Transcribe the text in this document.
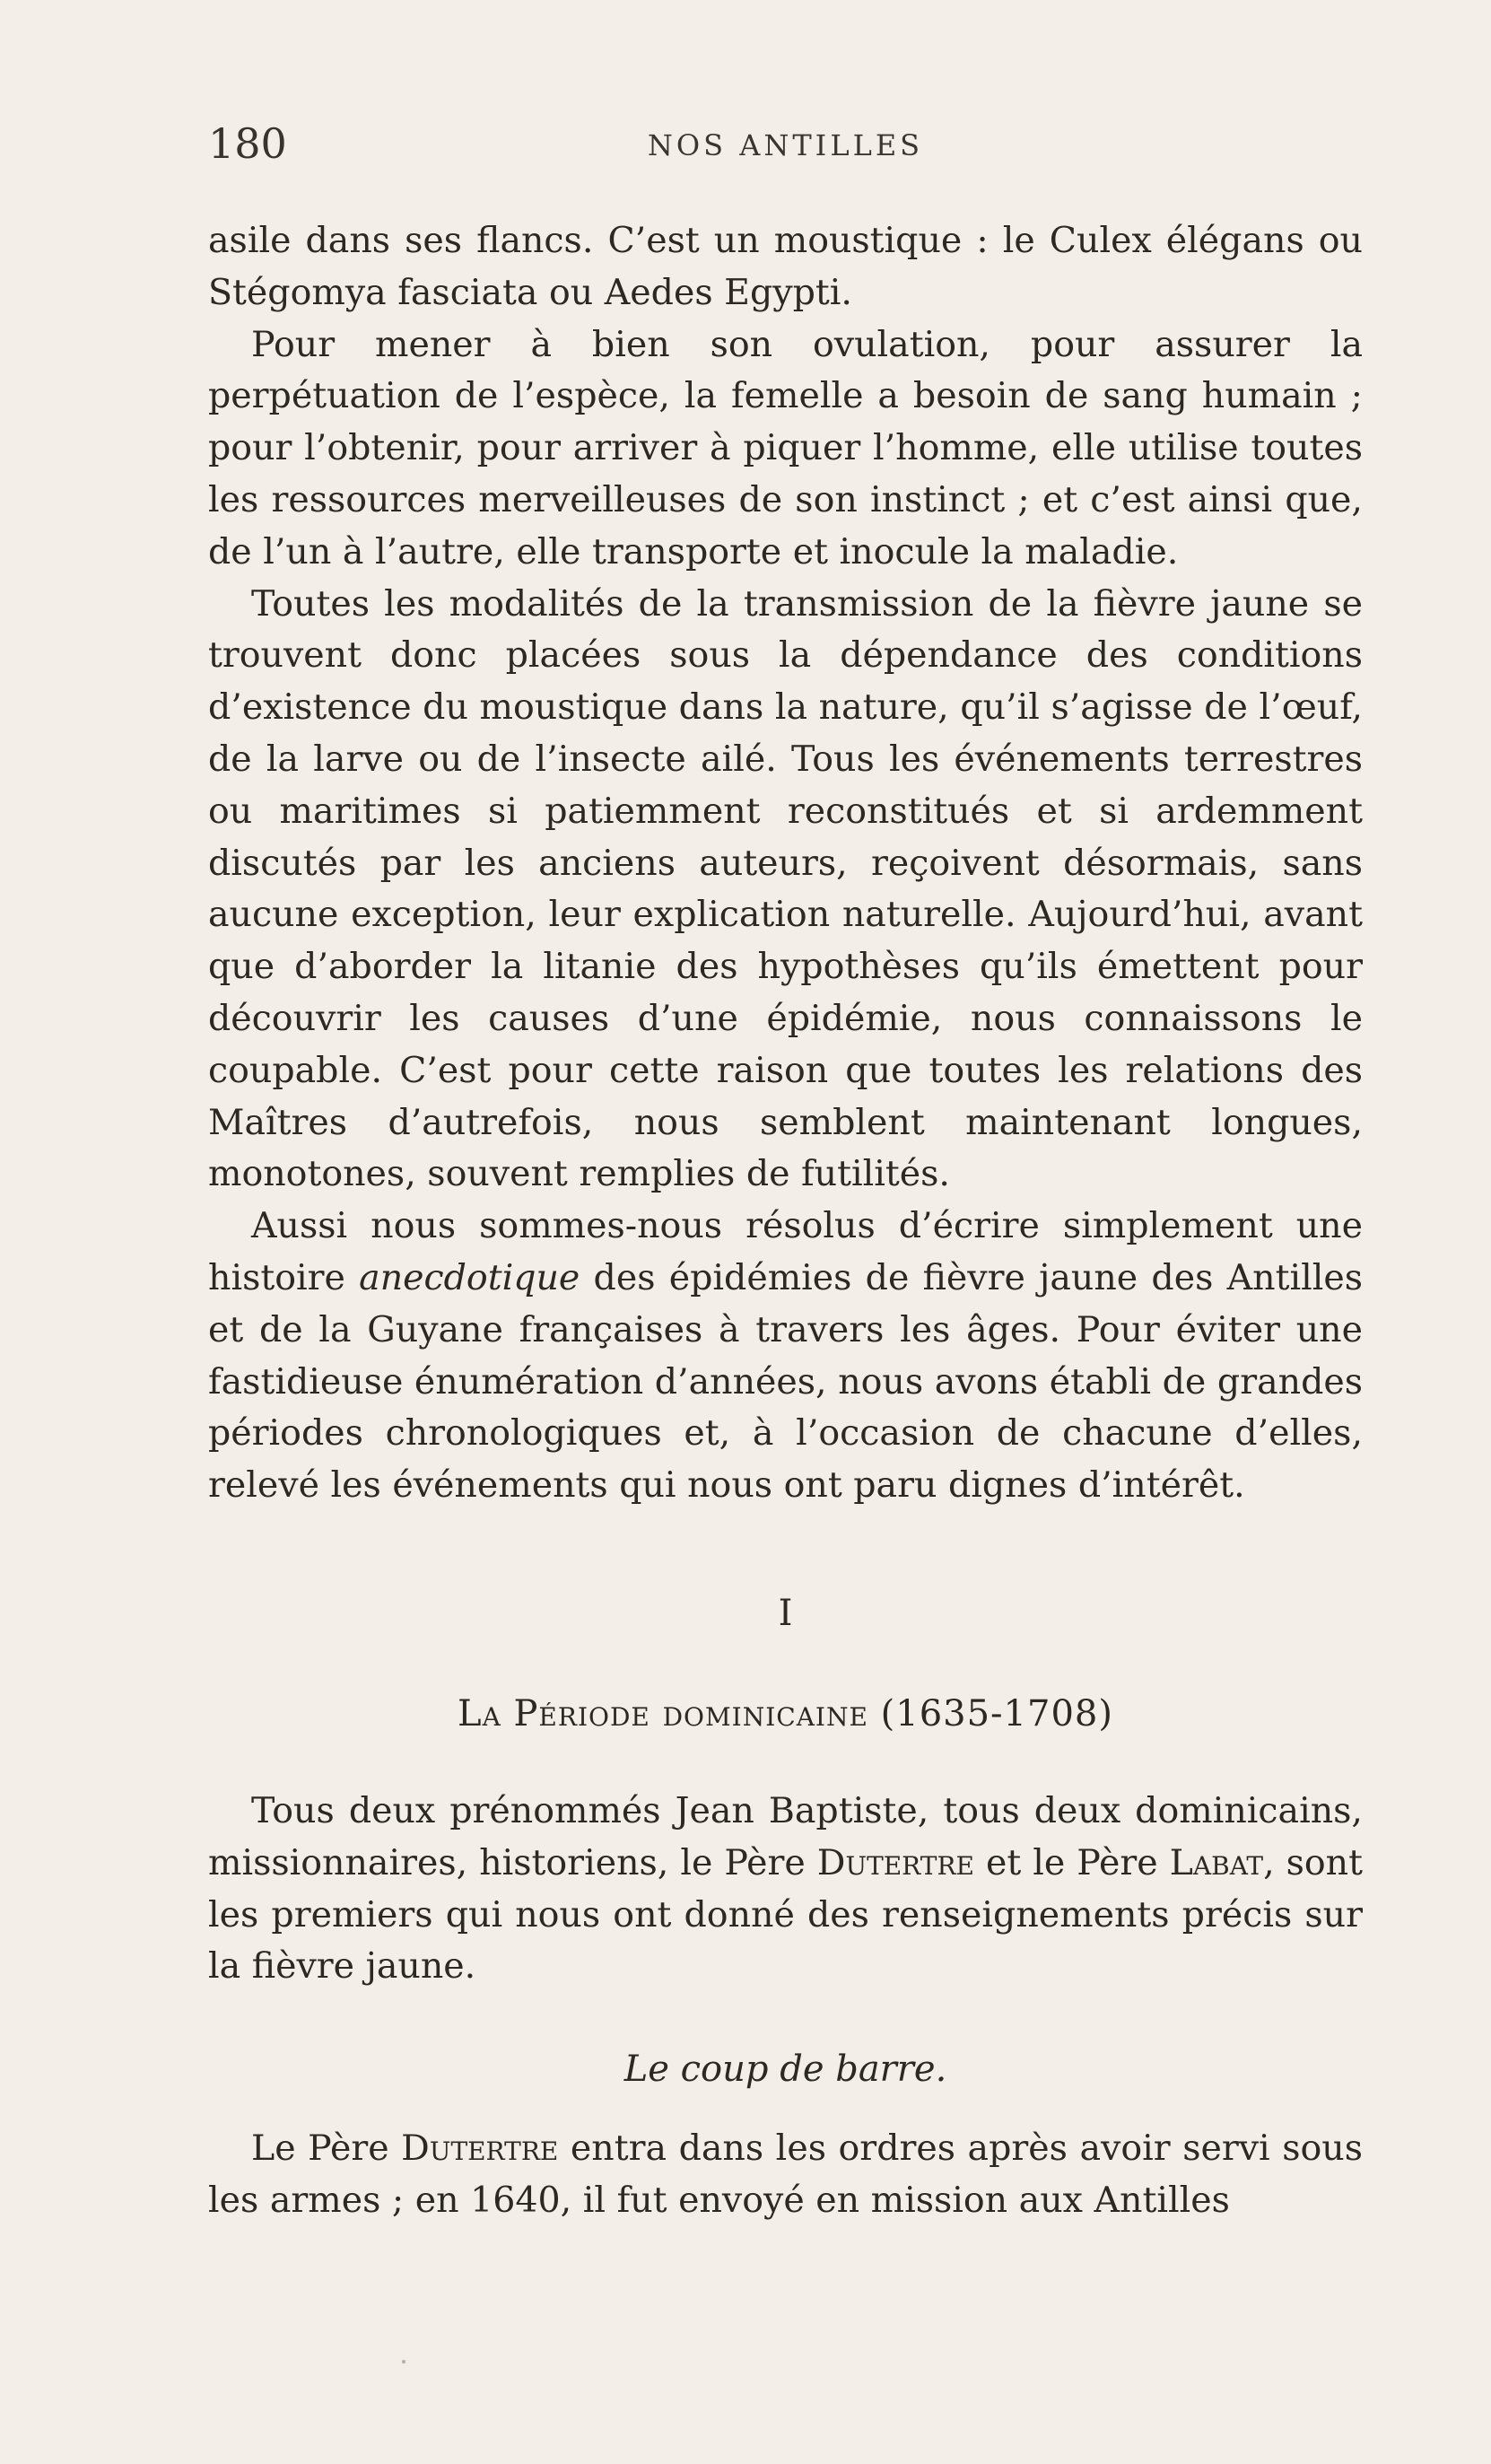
180	NOS ANTILLES

asile dans ses flancs. C’est un moustique : le Culex élégans ou Stégomya fasciata ou Aedes Egypti.

Pour mener à bien son ovulation, pour assurer la perpétuation de l’espèce, la femelle a besoin de sang humain ; pour l’obtenir, pour arriver à piquer l’homme, elle utilise toutes les ressources merveilleuses de son instinct ; et c’est ainsi que, de l’un à l’autre, elle transporte et inocule la maladie.

Toutes les modalités de la transmission de la fièvre jaune se trouvent donc placées sous la dépendance des conditions d’existence du moustique dans la nature, qu’il s’agisse de l’œuf, de la larve ou de l’insecte ailé. Tous les événements terrestres ou maritimes si patiemment reconstitués et si ardemment discutés par les anciens auteurs, reçoivent désormais, sans aucune exception, leur explication naturelle. Aujourd’hui, avant que d’aborder la litanie des hypothèses qu’ils émettent pour découvrir les causes d’une épidémie, nous connaissons le coupable. C’est pour cette raison que toutes les relations des Maîtres d’autrefois, nous semblent maintenant longues, monotones, souvent remplies de futilités.

Aussi nous sommes-nous résolus d’écrire simplement une histoire anecdotique des épidémies de fièvre jaune des Antilles et de la Guyane françaises à travers les âges. Pour éviter une fastidieuse énumération d’années, nous avons établi de grandes périodes chronologiques et, à l’occasion de chacune d’elles, relevé les événements qui nous ont paru dignes d’intérêt.

I
La Période dominicaine (1635-1708)

Tous deux prénommés Jean Baptiste, tous deux dominicains, missionnaires, historiens, le Père Dutertre et le Père Labat, sont les premiers qui nous ont donné des renseignements précis sur la fièvre jaune.

Le coup de barre.

Le Père Dutertre entra dans les ordres après avoir servi sous les armes ; en 1640, il fut envoyé en mission aux Antilles
